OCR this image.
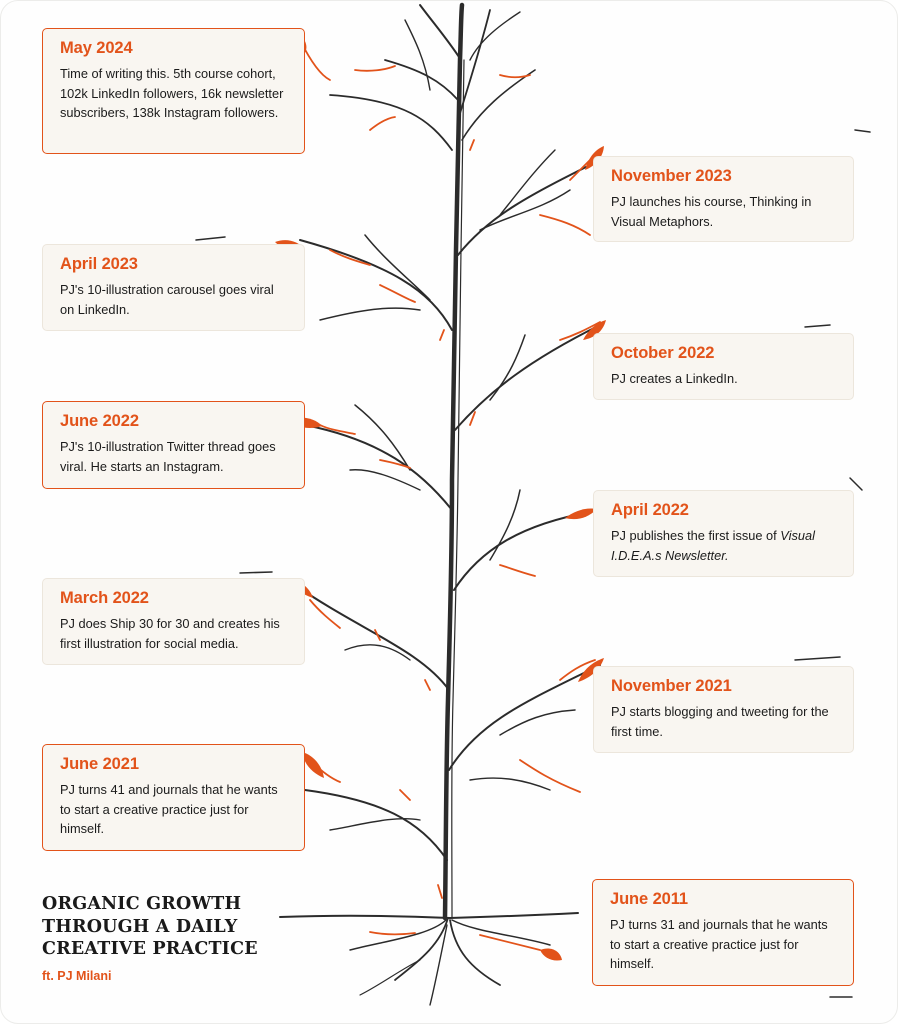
May 2024

Time of writing this. 5th course cohort, 102k LinkedIn followers, 16k newsletter subscribers, 138k Instagram followers.

November 2023

PJ launches his course, Thinking in Visual Metaphors.

April 2023

PJ's 10-illustration carousel goes viral on LinkedIn.

October 2022

PJ creates a LinkedIn.

June 2022

PJ's 10-illustration Twitter thread goes viral. He starts an Instagram.

April 2022

PJ publishes the first issue of Visual I.D.E.A.s Newsletter.

March 2022

PJ does Ship 30 for 30 and creates his first illustration for social media.

November 2021

PJ starts blogging and tweeting for the first time.

June 2021

PJ turns 41 and journals that he wants to start a creative practice just for himself.

June 2011

PJ turns 31 and journals that he wants to start a creative practice just for himself.

ORGANIC GROWTH
THROUGH A DAILY
CREATIVE PRACTICE
ft. PJ Milani
